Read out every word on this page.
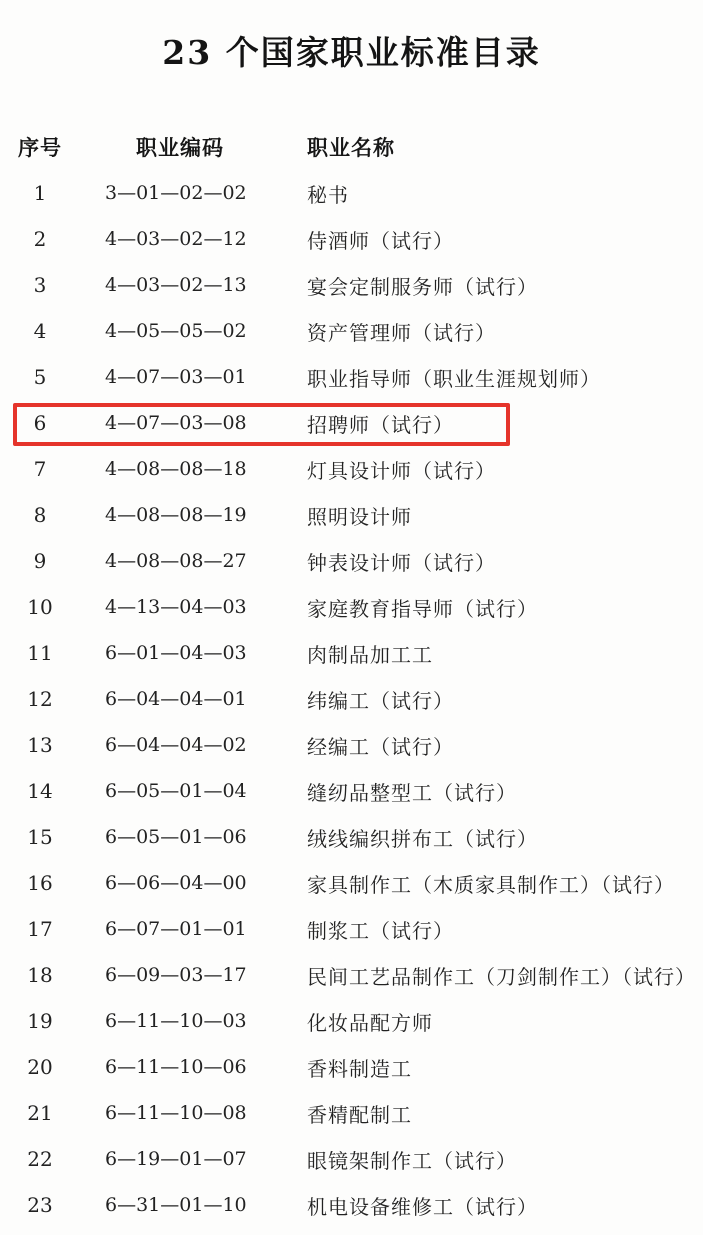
23 个国家职业标准目录
序号	职业编码	职业名称
1	3—01—02—02	秘书
2	4—03—02—12	侍酒师（试行）
3	4—03—02—13	宴会定制服务师（试行）
4	4—05—05—02	资产管理师（试行）
5	4—07—03—01	职业指导师（职业生涯规划师）
6	4—07—03—08	招聘师（试行）
7	4—08—08—18	灯具设计师（试行）
8	4—08—08—19	照明设计师
9	4—08—08—27	钟表设计师（试行）
10	4—13—04—03	家庭教育指导师（试行）
11	6—01—04—03	肉制品加工工
12	6—04—04—01	纬编工（试行）
13	6—04—04—02	经编工（试行）
14	6—05—01—04	缝纫品整型工（试行）
15	6—05—01—06	绒线编织拼布工（试行）
16	6—06—04—00	家具制作工（木质家具制作工）（试行）
17	6—07—01—01	制浆工（试行）
18	6—09—03—17	民间工艺品制作工（刀剑制作工）（试行）
19	6—11—10—03	化妆品配方师
20	6—11—10—06	香料制造工
21	6—11—10—08	香精配制工
22	6—19—01—07	眼镜架制作工（试行）
23	6—31—01—10	机电设备维修工（试行）
